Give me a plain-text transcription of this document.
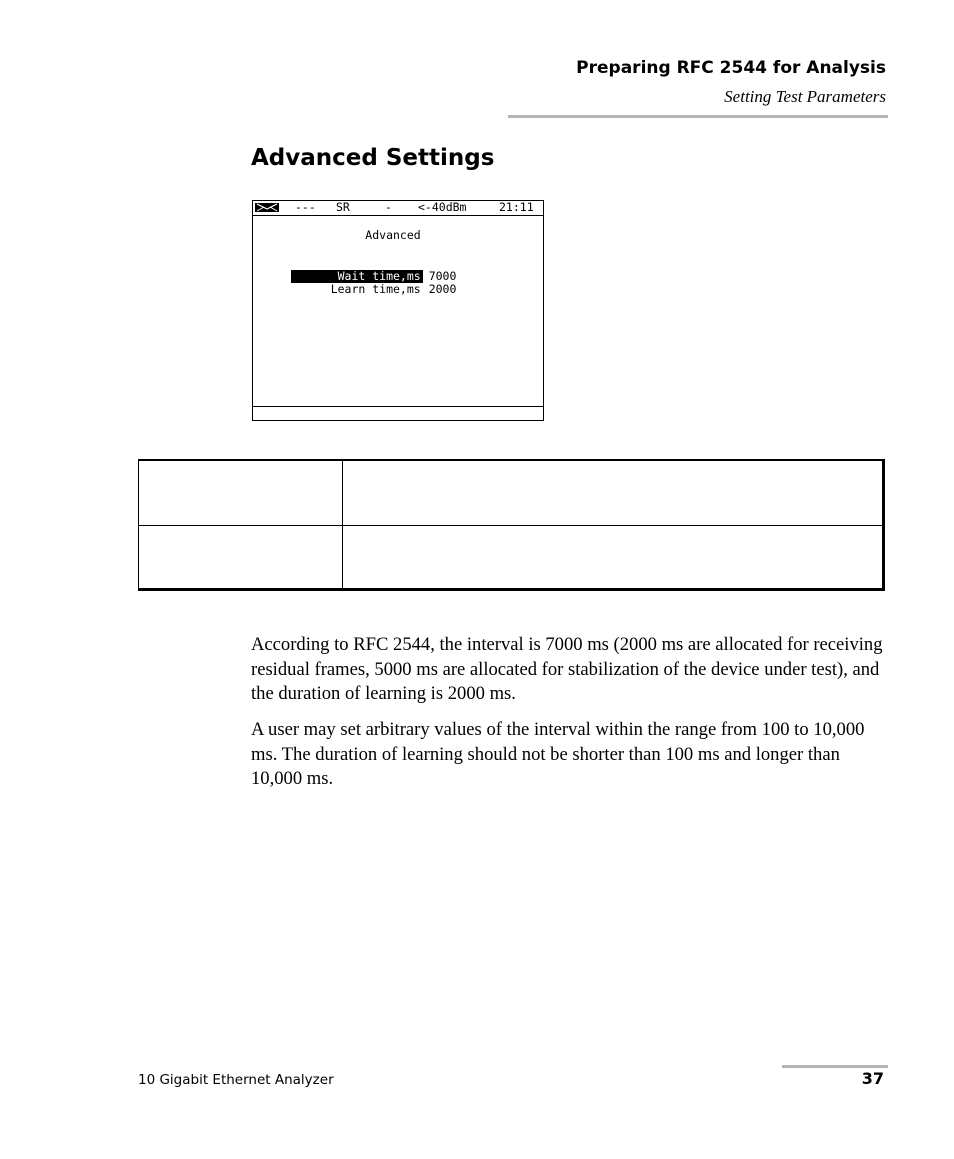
Preparing RFC 2544 for Analysis
Setting Test Parameters
Advanced Settings
--- SR	- <-40dBm	21:11
Advanced

Wait time,ms 7000

Learn time,ms 2000

According to RFC 2544, the interval is 7000 ms (2000 ms are allocated for receiving residual frames, 5000 ms are allocated for stabilization of the device under test), and the duration of learning is 2000 ms.

A user may set arbitrary values of the interval within the range from 100 to 10,000 ms. The duration of learning should not be shorter than 100 ms and longer than 10,000 ms.

10 Gigabit Ethernet Analyzer	37
